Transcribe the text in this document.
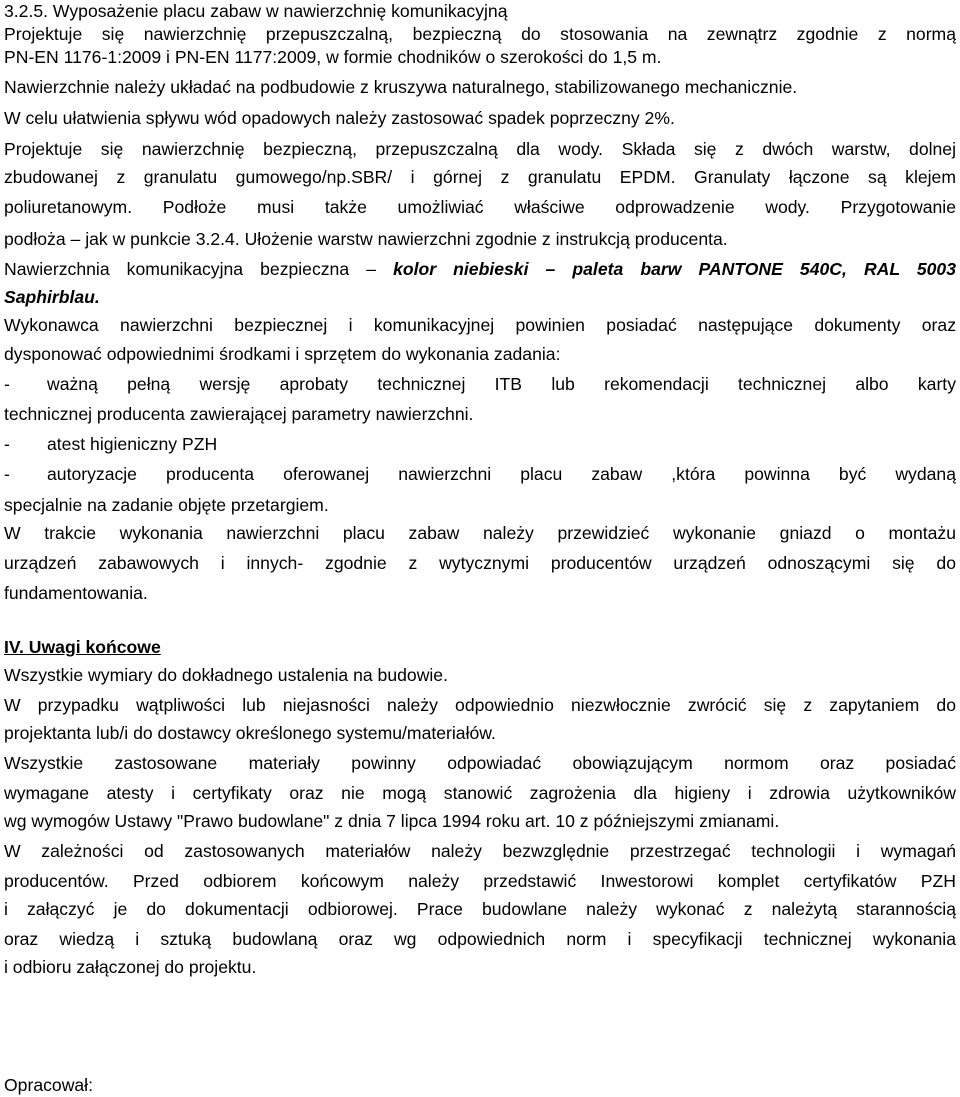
3.2.5. Wyposażenie placu zabaw w nawierzchnię komunikacyjną
Projektuje się nawierzchnię przepuszczalną, bezpieczną do stosowania na zewnątrz zgodnie z normą
PN-EN 1176-1:2009 i PN-EN 1177:2009, w formie chodników o szerokości do 1,5 m.
Nawierzchnie należy układać na podbudowie z kruszywa naturalnego, stabilizowanego mechanicznie.
W celu ułatwienia spływu wód opadowych należy zastosować spadek poprzeczny 2%.
Projektuje się nawierzchnię bezpieczną, przepuszczalną dla wody. Składa się z dwóch warstw, dolnej
zbudowanej z granulatu gumowego/np.SBR/ i górnej z granulatu EPDM. Granulaty łączone są klejem
poliuretanowym. Podłoże musi także umożliwiać właściwe odprowadzenie wody. Przygotowanie
podłoża – jak w punkcie 3.2.4. Ułożenie warstw nawierzchni zgodnie z instrukcją producenta.
Nawierzchnia komunikacyjna bezpieczna – kolor niebieski – paleta barw PANTONE 540C, RAL 5003
Saphirblau.
Wykonawca nawierzchni bezpiecznej i komunikacyjnej powinien posiadać następujące dokumenty oraz
dysponować odpowiednimi środkami i sprzętem do wykonania zadania:
- ważną pełną wersję aprobaty technicznej ITB lub rekomendacji technicznej albo karty
technicznej producenta zawierającej parametry nawierzchni.
- atest higieniczny PZH
- autoryzacje producenta oferowanej nawierzchni placu zabaw ,która powinna być wydaną
specjalnie na zadanie objęte przetargiem.
W trakcie wykonania nawierzchni placu zabaw należy przewidzieć wykonanie gniazd o montażu
urządzeń zabawowych i innych- zgodnie z wytycznymi producentów urządzeń odnoszącymi się do
fundamentowania.
IV. Uwagi końcowe
Wszystkie wymiary do dokładnego ustalenia na budowie.
W przypadku wątpliwości lub niejasności należy odpowiednio niezwłocznie zwrócić się z zapytaniem do
projektanta lub/i do dostawcy określonego systemu/materiałów.
Wszystkie zastosowane materiały powinny odpowiadać obowiązującym normom oraz posiadać
wymagane atesty i certyfikaty oraz nie mogą stanowić zagrożenia dla higieny i zdrowia użytkowników
wg wymogów Ustawy "Prawo budowlane" z dnia 7 lipca 1994 roku art. 10 z późniejszymi zmianami.
W zależności od zastosowanych materiałów należy bezwzględnie przestrzegać technologii i wymagań
producentów. Przed odbiorem końcowym należy przedstawić Inwestorowi komplet certyfikatów PZH
i załączyć je do dokumentacji odbiorowej. Prace budowlane należy wykonać z należytą starannością
oraz wiedzą i sztuką budowlaną oraz wg odpowiednich norm i specyfikacji technicznej wykonania
i odbioru załączonej do projektu.
Opracował:
